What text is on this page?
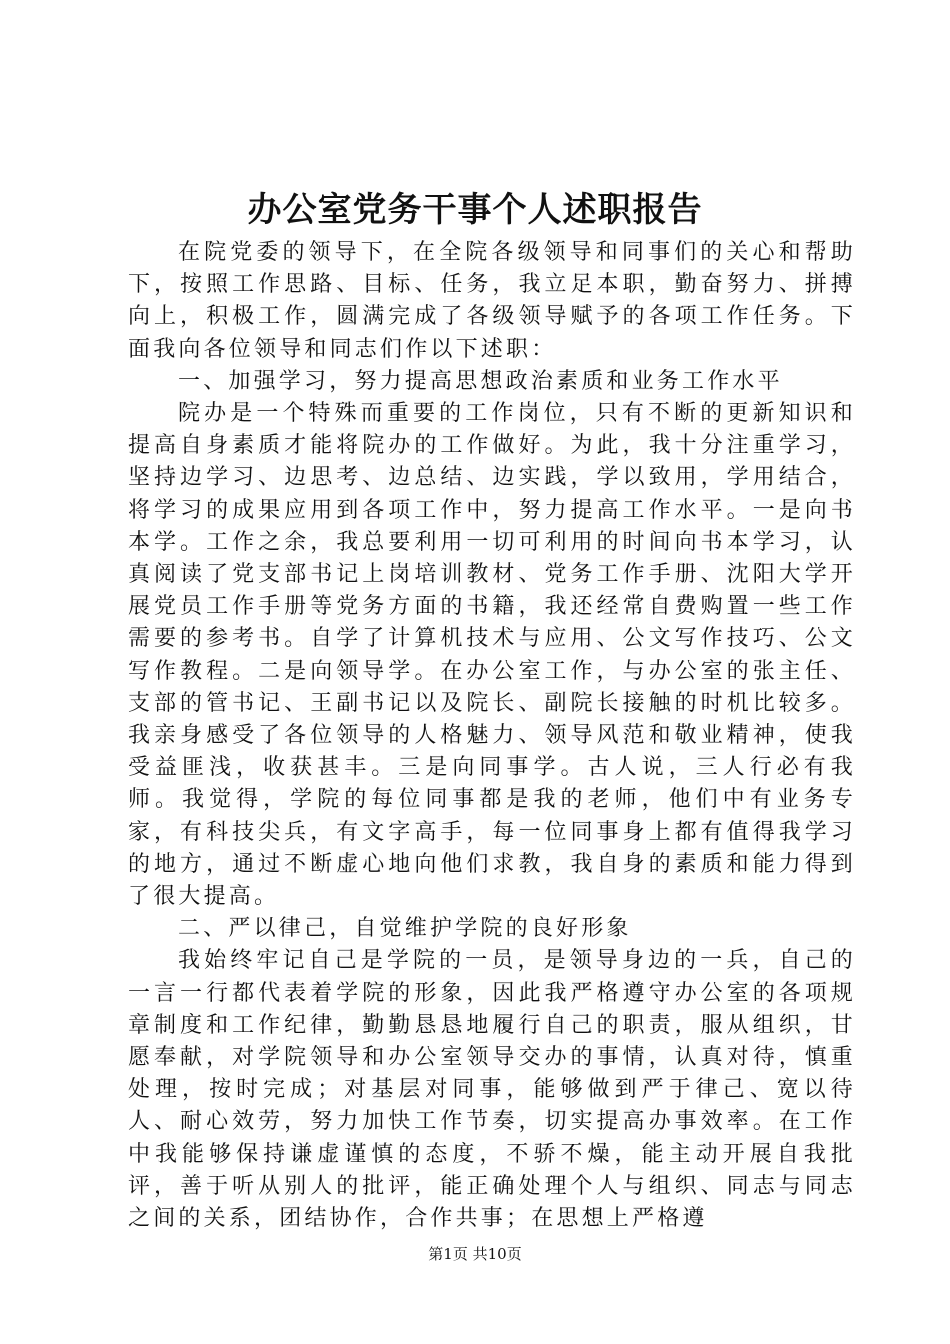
办公室党务干事个人述职报告

在院党委的领导下，在全院各级领导和同事们的关心和帮助下，按照工作思路、目标、任务，我立足本职，勤奋努力、拼搏向上，积极工作，圆满完成了各级领导赋予的各项工作任务。下面我向各位领导和同志们作以下述职：

一、加强学习，努力提高思想政治素质和业务工作水平

院办是一个特殊而重要的工作岗位，只有不断的更新知识和提高自身素质才能将院办的工作做好。为此，我十分注重学习，坚持边学习、边思考、边总结、边实践，学以致用，学用结合，将学习的成果应用到各项工作中，努力提高工作水平。一是向书本学。工作之余，我总要利用一切可利用的时间向书本学习，认真阅读了党支部书记上岗培训教材、党务工作手册、沈阳大学开展党员工作手册等党务方面的书籍，我还经常自费购置一些工作需要的参考书。自学了计算机技术与应用、公文写作技巧、公文写作教程。二是向领导学。在办公室工作，与办公室的张主任、支部的管书记、王副书记以及院长、副院长接触的时机比较多。我亲身感受了各位领导的人格魅力、领导风范和敬业精神，使我受益匪浅，收获甚丰。三是向同事学。古人说，三人行必有我师。我觉得，学院的每位同事都是我的老师，他们中有业务专家，有科技尖兵，有文字高手，每一位同事身上都有值得我学习的地方，通过不断虚心地向他们求教，我自身的素质和能力得到了很大提高。

二、严以律己，自觉维护学院的良好形象

我始终牢记自己是学院的一员，是领导身边的一兵，自己的一言一行都代表着学院的形象，因此我严格遵守办公室的各项规章制度和工作纪律，勤勤恳恳地履行自己的职责，服从组织，甘愿奉献，对学院领导和办公室领导交办的事情，认真对待，慎重处理，按时完成；对基层对同事，能够做到严于律己、宽以待人、耐心效劳，努力加快工作节奏，切实提高办事效率。在工作中我能够保持谦虚谨慎的态度，不骄不燥，能主动开展自我批评，善于听从别人的批评，能正确处理个人与组织、同志与同志之间的关系，团结协作，合作共事；在思想上严格遵

第1页 共10页
